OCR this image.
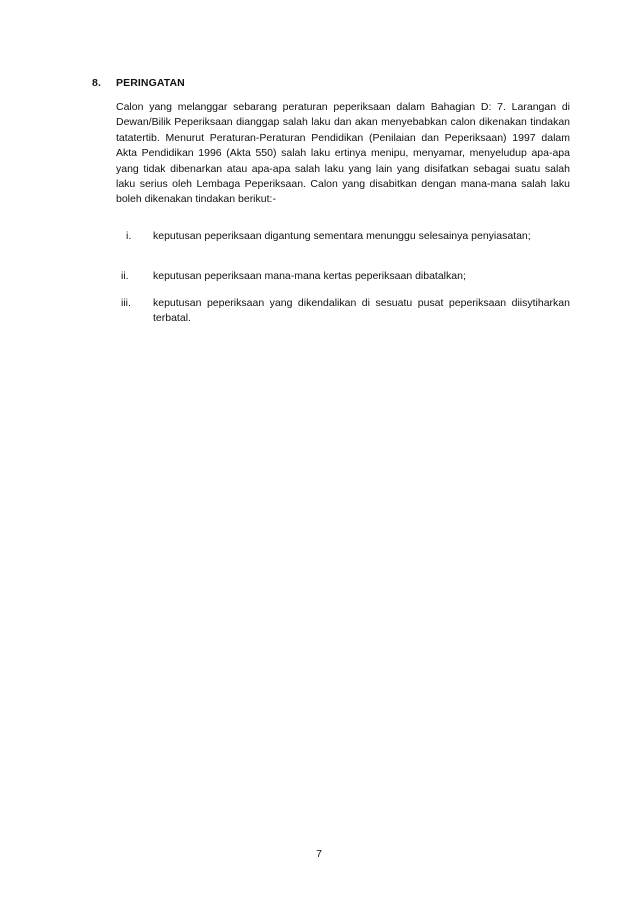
8. PERINGATAN

Calon yang melanggar sebarang peraturan peperiksaan dalam Bahagian D: 7. Larangan di Dewan/Bilik Peperiksaan dianggap salah laku dan akan menyebabkan calon dikenakan tindakan tatatertib. Menurut Peraturan-Peraturan Pendidikan (Penilaian dan Peperiksaan) 1997 dalam Akta Pendidikan 1996 (Akta 550) salah laku ertinya menipu, menyamar, menyeludup apa-apa yang tidak dibenarkan atau apa-apa salah laku yang lain yang disifatkan sebagai suatu salah laku serius oleh Lembaga Peperiksaan. Calon yang disabitkan dengan mana-mana salah laku boleh dikenakan tindakan berikut:-

i.	keputusan peperiksaan digantung sementara menunggu selesainya penyiasatan;
ii.	keputusan peperiksaan mana-mana kertas peperiksaan dibatalkan;
iii.	keputusan peperiksaan yang dikendalikan di sesuatu pusat peperiksaan diisytiharkan terbatal.
7
